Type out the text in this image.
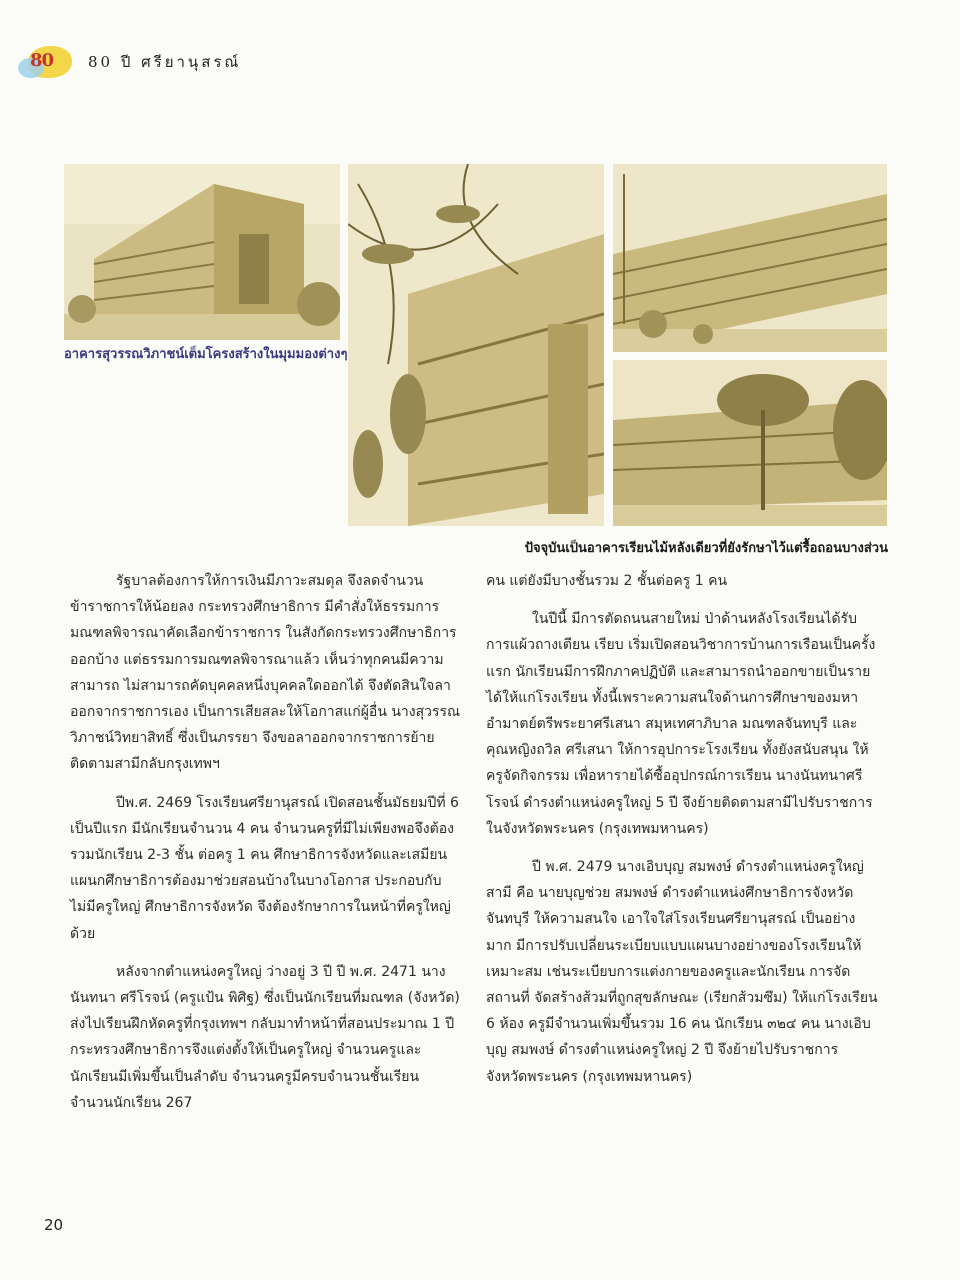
80 80 ปี ศรียานุสรณ์
อาคารสุวรรณวิภาชน์เต็มโครงสร้างในมุมมองต่างๆ
ปัจจุบันเป็นอาคารเรียนไม้หลังเดียวที่ยังรักษาไว้แต่รื้อถอนบางส่วน

รัฐบาลต้องการให้การเงินมีภาวะสมดุล จึงลดจำนวนข้าราชการให้น้อยลง กระทรวงศึกษาธิการ มีคำสั่งให้ธรรมการมณฑลพิจารณาคัดเลือกข้าราชการ ในสังกัดกระทรวงศึกษาธิการออกบ้าง แต่ธรรมการมณฑลพิจารณาแล้ว เห็นว่าทุกคนมีความสามารถ ไม่สามารถคัดบุคคลหนึ่งบุคคลใดออกได้ จึงตัดสินใจลาออกจากราชการเอง เป็นการเสียสละให้โอกาสแก่ผู้อื่น นางสุวรรณ วิภาชน์วิทยาสิทธิ์ ซึ่งเป็นภรรยา จึงขอลาออกจากราชการย้ายติดตามสามีกลับกรุงเทพฯ

ปีพ.ศ. 2469 โรงเรียนศรียานุสรณ์ เปิดสอนชั้นมัธยมปีที่ 6 เป็นปีแรก มีนักเรียนจำนวน 4 คน จำนวนครูที่มีไม่เพียงพอจึงต้องรวมนักเรียน 2-3 ชั้น ต่อครู 1 คน ศึกษาธิการจังหวัดและเสมียนแผนกศึกษาธิการต้องมาช่วยสอนบ้างในบางโอกาส ประกอบกับไม่มีครูใหญ่ ศึกษาธิการจังหวัด จึงต้องรักษาการในหน้าที่ครูใหญ่ด้วย

หลังจากตำแหน่งครูใหญ่ ว่างอยู่ 3 ปี ปี พ.ศ. 2471 นางนันทนา ศรีโรจน์ (ครูแป้น พิศิฐ) ซึ่งเป็นนักเรียนที่มณฑล (จังหวัด) ส่งไปเรียนฝึกหัดครูที่กรุงเทพฯ กลับมาทำหน้าที่สอนประมาณ 1 ปี กระทรวงศึกษาธิการจึงแต่งตั้งให้เป็นครูใหญ่ จำนวนครูและนักเรียนมีเพิ่มขึ้นเป็นลำดับ จำนวนครูมีครบจำนวนชั้นเรียน จำนวนนักเรียน 267

คน แต่ยังมีบางชั้นรวม 2 ชั้นต่อครู 1 คน

ในปีนี้ มีการตัดถนนสายใหม่ ป่าด้านหลังโรงเรียนได้รับการแผ้วถางเตียน เรียบ เริ่มเปิดสอนวิชาการบ้านการเรือนเป็นครั้งแรก นักเรียนมีการฝึกภาคปฏิบัติ และสามารถนำออกขายเป็นรายได้ให้แก่โรงเรียน ทั้งนี้เพราะความสนใจด้านการศึกษาของมหาอำมาตย์ตรีพระยาศรีเสนา สมุหเทศาภิบาล มณฑลจันทบุรี และคุณหญิงถวิล ศรีเสนา ให้การอุปการะโรงเรียน ทั้งยังสนับสนุน ให้ครูจัดกิจกรรม เพื่อหารายได้ซื้ออุปกรณ์การเรียน นางนันทนาศรีโรจน์ ดำรงตำแหน่งครูใหญ่ 5 ปี จึงย้ายติดตามสามีไปรับราชการ ในจังหวัดพระนคร (กรุงเทพมหานคร)

ปี พ.ศ. 2479 นางเอิบบุญ สมพงษ์ ดำรงตำแหน่งครูใหญ่ สามี คือ นายบุญช่วย สมพงษ์ ดำรงตำแหน่งศึกษาธิการจังหวัดจันทบุรี ให้ความสนใจ เอาใจใส่โรงเรียนศรียานุสรณ์ เป็นอย่างมาก มีการปรับเปลี่ยนระเบียบแบบแผนบางอย่างของโรงเรียนให้เหมาะสม เช่นระเบียบการแต่งกายของครูและนักเรียน การจัดสถานที่ จัดสร้างส้วมที่ถูกสุขลักษณะ (เรียกส้วมซึม) ให้แก่โรงเรียน 6 ห้อง ครูมีจำนวนเพิ่มขึ้นรวม 16 คน นักเรียน ๓๒๔ คน นางเอิบบุญ สมพงษ์ ดำรงตำแหน่งครูใหญ่ 2 ปี จึงย้ายไปรับราชการ จังหวัดพระนคร (กรุงเทพมหานคร)

20
